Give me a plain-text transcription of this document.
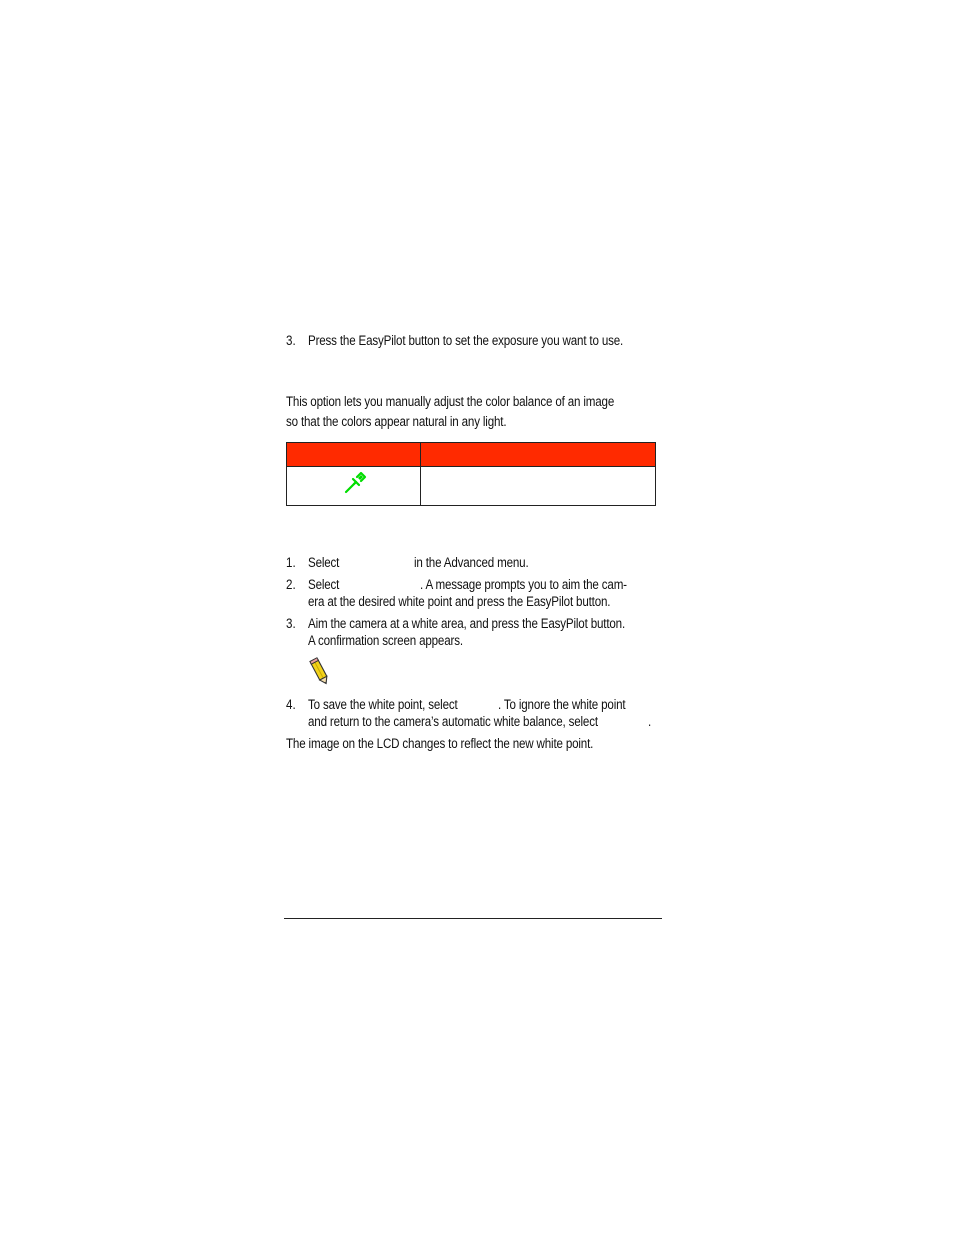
3. Press the EasyPilot button to set the exposure you want to use.
This option lets you manually adjust the color balance of an image
so that the colors appear natural in any light.
1. Select	in the Advanced menu.
2. Select	. A message prompts you to aim the cam-
era at the desired white point and press the EasyPilot button.
3. Aim the camera at a white area, and press the EasyPilot button.
A confirmation screen appears.
4. To save the white point, select	. To ignore the white point
and return to the camera’s automatic white balance, select	.
The image on the LCD changes to reflect the new white point.
